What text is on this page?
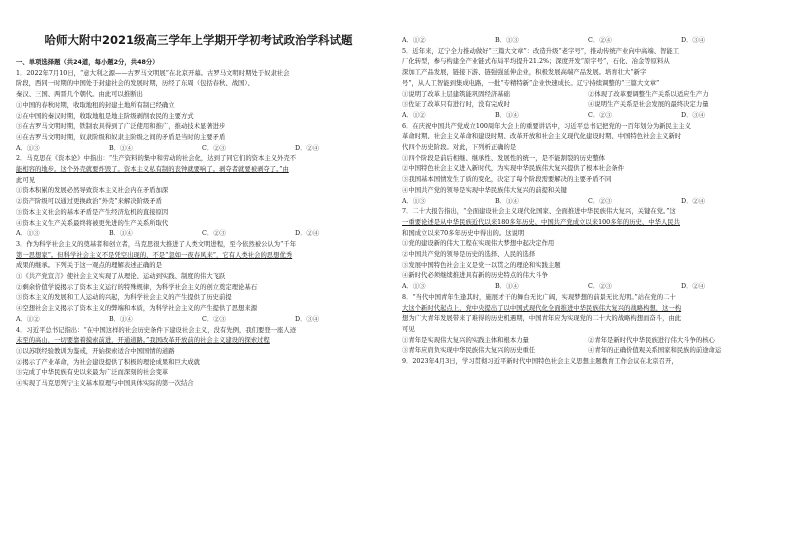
哈师大附中2021级高三学年上学期开学初考试政治学科试题

一、单项选择题（共24道，每小题2分，共48分）

1．2022年7月10日，“意大利之源——古罗马文明展”在北京开幕。古罗马文明时期处于奴隶社会

阶段，西同一时期的中国处于封建社会的发展时期，历经了东周（包括春秋、战国）、

秦汉、三国、两晋几个朝代。由此可以推断出

①中国的春秋时期，收取地租的封建土地所有制已经确立

②在中国的秦汉时期，收取地租是地主阶级剥削农民的主要方式

③在古罗马文明时期，铁制农具得到了广泛使用和推广，推动技术显著进步

④在古罗马文明时期，奴隶阶级和奴隶主阶级之间的矛盾是当时的主要矛盾

A．①③	B．①④	C．②③	D．②④

2．马克思在《资本论》中指出：“生产资料的集中和劳动的社会化，达到了同它们的资本主义外壳不

能相容的地步。这个外壳就要炸毁了。资本主义私有制的丧钟就要响了。剥夺者就要被剥夺了。”由

此可见

①资本积累的发展必然导致资本主义社会内在矛盾加深

②资产阶级可以通过更换政治“外壳”来解决阶级矛盾

③资本主义社会的基本矛盾是产生经济危机的直接原因

④资本主义生产关系最终将被更先进的生产关系所取代

A．①③	B．①④	C．②③	D．②④

3．作为科学社会主义的奠基者和创立者，马克思很大推进了人类文明进程，至今依然被公认为“千年

第一思想家”。但科学社会主义不是凭空出现的，不是“忽如一夜春风来”，它有人类社会的思想优秀

成果的继承。下列关于这一观点的理解表述正确的是

①《共产党宣言》使社会主义实现了从理论、运动到实践、制度的伟大飞跃

②剩余价值学说揭示了资本主义运行的特殊规律，为科学社会主义的创立奠定理论基石

③资本主义的发展和工人运动的兴起，为科学社会主义的产生提供了历史前提

④空想社会主义揭示了资本主义的弊端和本质，为科学社会主义的产生提供了思想来源

A．①②	B．①④	C．②③	D．③④

4．习近平总书记指出：“在中国这样的社会历史条件下建设社会主义，没有先例，我们要登一座人迹

未至的高山，一切要靠着摸索前进，开通道路。”我国改革开放前的社会主义建设的探索过程

①以苏联经验教训为鉴戒，开始探索适合中国国情的道路

②揭示了产业革命，为社会建设提供了积极的理论成果和巨大成就

③完成了中华民族有史以来最为广泛而深刻的社会变革

④实现了马克思列宁主义基本原理与中国具体实际的第一次结合

A．①②	B．①③	C．②④	D．③④

5．近年来，辽宁全力推动做好“三篇大文章”：改造升级“老字号”，推动传统产业向中高端、智能工

厂化转型，参与构建全产业链式布局平均提升21.2%；深度开发“原字号”，石化、冶金等原料从

深加工产品发展，链接下游、链强强延伸企业，积极发展高端产品发展。培育壮大“新字

号”，从人工智能到集成电路，一批“专精特新”企业快速成长。辽宁持续调整的“三篇大文章”

①说明了改革上层建筑能巩固经济基础	②体现了改革要调整生产关系以适应生产力
③佐证了改革只有进行时，没有完成时	④说明生产关系是社会发展的最终决定力量
A．①②	B．①④	C．②③	D．③④

6．在庆祝中国共产党成立100周年大会上的重要讲话中，习近平总书记把党的一百年划分为新民主主义

革命时期、社会主义革命和建设时期、改革开放和社会主义现代化建设时期、中国特色社会主义新时

代四个历史阶段。对此，下列析正确的是

①四个阶段是前后相继、继承性、发展性的统一，是不能割裂的历史整体

②中国特色社会主义进入新时代，为实现中华民族伟大复兴提供了根本社会条件

③我国基本国情发生了质的变化，决定了每个阶段需要解决的主要矛盾不同

④中国共产党的领导是实现中华民族伟大复兴的前提和关键

A．①③	B．①④	C．②③	D．②④

7．二十大报告指出，“全面建设社会主义现代化国家、全面推进中华民族伟大复兴，关键在党。”这

一重要论述是从中华民族近代以来180多年历史、中国共产党成立以来100多年的历史、中华人民共

和国成立以来70多年历史中得出的。这说明

①党的建设新的伟大工程在实现伟大梦想中起决定作用

②中国共产党的领导是历史的选择、人民的选择

③发展中国特色社会主义是党一以贯之的理论和实践主题

④新时代必须继续推进具有新的历史特点的伟大斗争

A．①③	B．①④	C．②③	D．②④

8．“当代中国青年生逢其时，施展才干的舞台无比广阔，实现梦想的前景无比光明。”站在党的二十

大这个新时代起点上，党中央提出了以中国式现代化全面推进中华民族伟大复兴的战略构想，这一构

想为广大青年发展带来了难得的历史机遇期，中国青年应为实现党的二十大的战略构想而奋斗，由此

可见

①青年是实现伟大复兴的实践主体和根本力量	②青年是新时代中华民族进行伟大斗争的核心
③青年应肩负实现中华民族伟大复兴的历史重任	④青年的正确价值观关系国家和民族的前途命运

9．2023年4月3日，学习贯彻习近平新时代中国特色社会主义思想主题教育工作会议在北京召开，
